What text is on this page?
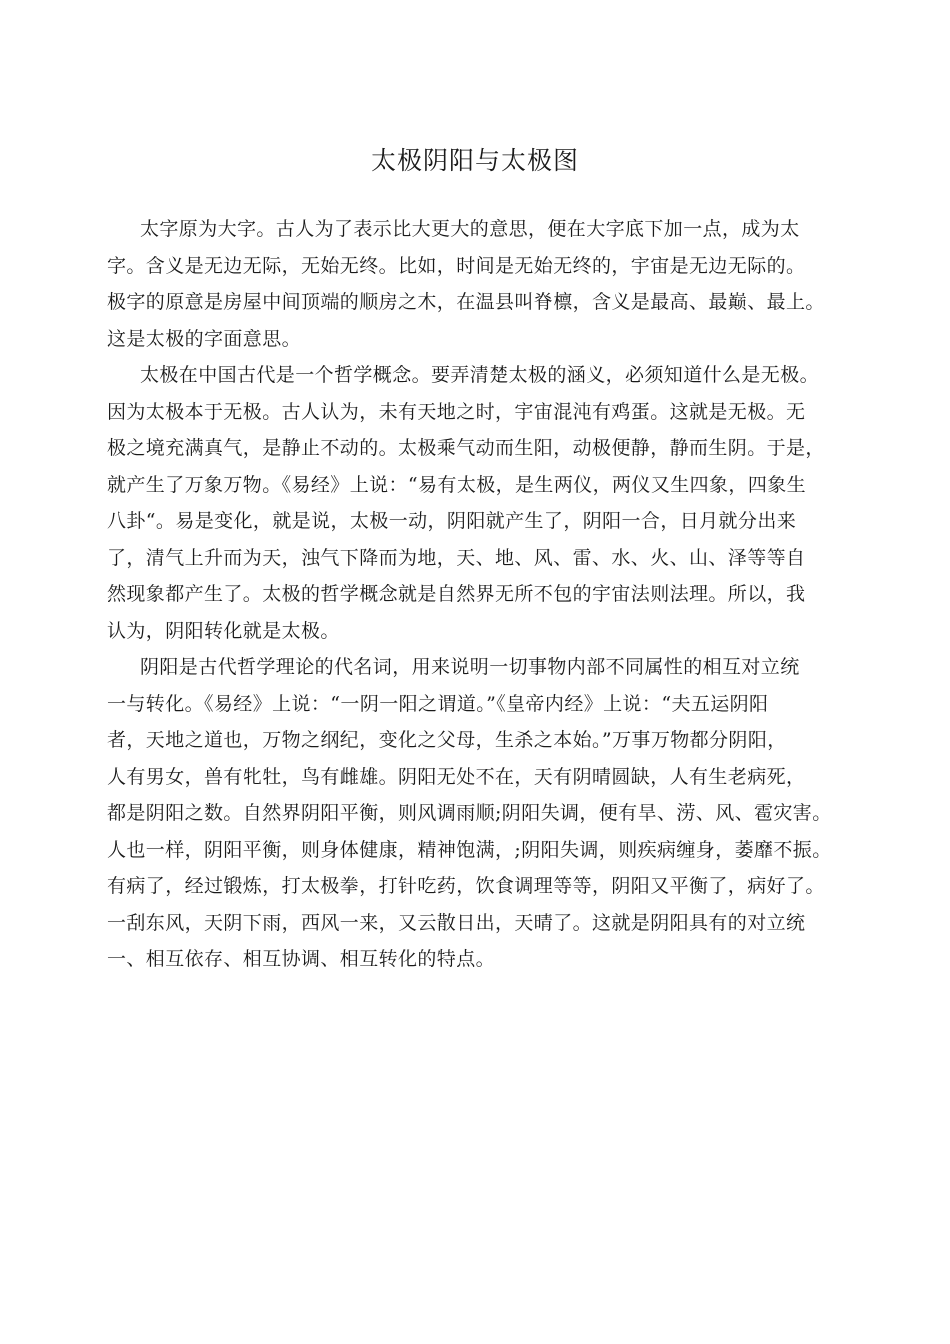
太极阴阳与太极图
太字原为大字。古人为了表示比大更大的意思，便在大字底下加一点，成为太
字。含义是无边无际，无始无终。比如，时间是无始无终的，宇宙是无边无际的。
极字的原意是房屋中间顶端的顺房之木，在温县叫脊檩，含义是最高、最巅、最上。
这是太极的字面意思。
太极在中国古代是一个哲学概念。要弄清楚太极的涵义，必须知道什么是无极。
因为太极本于无极。古人认为，未有天地之时，宇宙混沌有鸡蛋。这就是无极。无
极之境充满真气，是静止不动的。太极乘气动而生阳，动极便静，静而生阴。于是，
就产生了万象万物。《易经》上说：“易有太极，是生两仪，两仪又生四象，四象生
八卦“。易是变化，就是说，太极一动，阴阳就产生了，阴阳一合，日月就分出来
了，清气上升而为天，浊气下降而为地，天、地、风、雷、水、火、山、泽等等自
然现象都产生了。太极的哲学概念就是自然界无所不包的宇宙法则法理。所以，我
认为，阴阳转化就是太极。
阴阳是古代哲学理论的代名词，用来说明一切事物内部不同属性的相互对立统
一与转化。《易经》上说：“一阴一阳之谓道。”《皇帝内经》上说：“夫五运阴阳
者，天地之道也，万物之纲纪，变化之父母，生杀之本始。”万事万物都分阴阳，
人有男女，兽有牝牡，鸟有雌雄。阴阳无处不在，天有阴晴圆缺，人有生老病死，
都是阴阳之数。自然界阴阳平衡，则风调雨顺;阴阳失调，便有旱、涝、风、雹灾害。
人也一样，阴阳平衡，则身体健康，精神饱满，;阴阳失调，则疾病缠身，萎靡不振。
有病了，经过锻炼，打太极拳，打针吃药，饮食调理等等，阴阳又平衡了，病好了。
一刮东风，天阴下雨，西风一来，又云散日出，天晴了。这就是阴阳具有的对立统
一、相互依存、相互协调、相互转化的特点。
